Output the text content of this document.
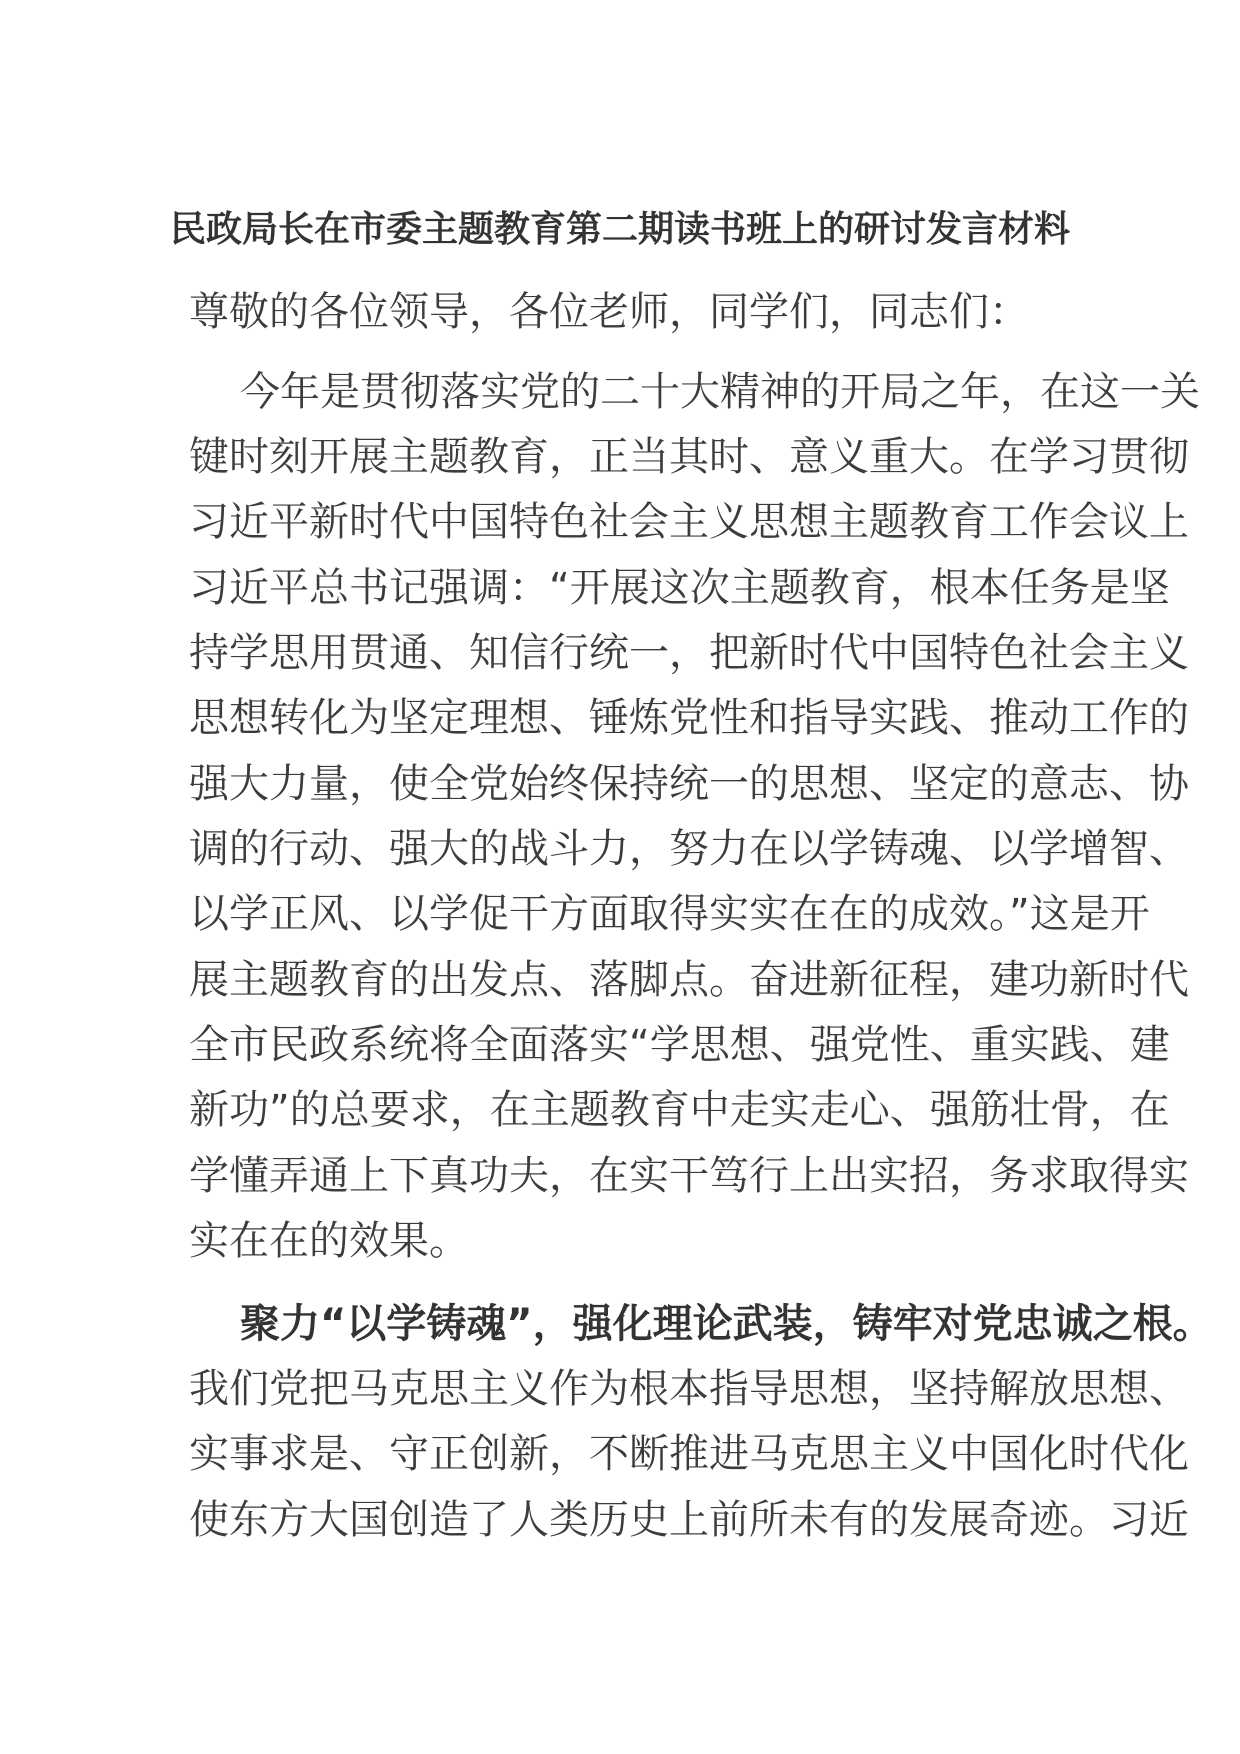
民政局长在市委主题教育第二期读书班上的研讨发言材料
尊敬的各位领导，各位老师，同学们，同志们：
今年是贯彻落实党的二十大精神的开局之年，在这一关
键时刻开展主题教育，正当其时、意义重大。在学习贯彻
习近平新时代中国特色社会主义思想主题教育工作会议上
习近平总书记强调：“开展这次主题教育，根本任务是坚
持学思用贯通、知信行统一，把新时代中国特色社会主义
思想转化为坚定理想、锤炼党性和指导实践、推动工作的
强大力量，使全党始终保持统一的思想、坚定的意志、协
调的行动、强大的战斗力，努力在以学铸魂、以学增智、
以学正风、以学促干方面取得实实在在的成效。”这是开
展主题教育的出发点、落脚点。奋进新征程，建功新时代
全市民政系统将全面落实“学思想、强党性、重实践、建
新功”的总要求，在主题教育中走实走心、强筋壮骨，在
学懂弄通上下真功夫，在实干笃行上出实招，务求取得实
实在在的效果。
聚力“以学铸魂”，强化理论武装，铸牢对党忠诚之根。
我们党把马克思主义作为根本指导思想，坚持解放思想、
实事求是、守正创新，不断推进马克思主义中国化时代化
使东方大国创造了人类历史上前所未有的发展奇迹。习近
